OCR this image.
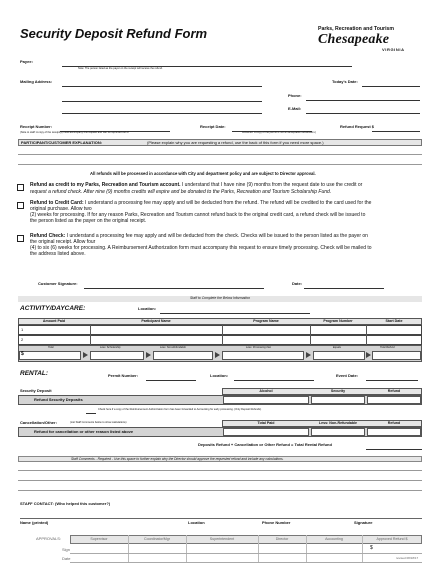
Security Deposit Refund Form	Parks, Recreation and Tourism
Chesapeake
VIRGINIA
Payee:
Note: The person listed as the payer on the receipt will receive the refund.
Mailing Address:	Today's Date:
Phone:
E-Mail:
Receipt Number:	Receipt Date:	Refund Request $
(Note to staff: A copy of the receipt(s) must accompany this request and can be reprinted out of	Activenet. A copy of the permit is not an acceptable substitution.)
PARTICIPANT/CUSTOMER EXPLANATION:	(Please explain why you are requesting a refund, use the back of this form if you need more space.)
All refunds will be processed in accordance with City and department policy and are subject to Director approval.
Refund as credit to my Parks, Recreation and Tourism account. I understand that I have nine (9) months from the request date to use the credit or
request a refund check. After nine (9) months credits will expire and be donated to the Parks, Recreation and Tourism Scholarship Fund.
Refund to Credit Card: I understand a processing fee may apply and will be deducted from the refund. The refund will be credited to the card used for the
original purchase. Allow two
(2) weeks for processing. If for any reason Parks, Recreation and Tourism cannot refund back to the original credit card, a refund check will be issued to
the person listed as the payer on the original receipt.
Refund Check: I understand a processing fee may apply and will be deducted from the check. Checks will be issued to the person listed as the payer on
the original receipt. Allow four
(4) to six (6) weeks for processing. A Reimbursement Authorization form must accompany this request to ensure timely processing. Check will be mailed to
the address listed above.
Customer Signature:	Date:
Staff to Complete the Below Information
ACTIVITY/DAYCARE:	Location:
Amount Paid	Participant Name	Program Name	Program Number	Start Date
1
2
Total	Less: Scholarship	Less: Non-Refundable	Less: Processing Fee	Equals	Total Refund
$
RENTAL:	Permit Number:	Location:	Event Date:
Security Deposit	Alcohol	Security	Refund
Refund Security Deposits
Check here if a copy of the Reimbursement Authorization form has been forwarded to Accounting for early processing. (Only Deposit Refunds)
Cancellation/Other:	(List Staff Comments below to show calculations)	Total Paid	Less: Non-Refundable	Refund
Refund for cancellation or other reason listed above
Deposits Refund + Cancellation or Other Refund = Total Rental Refund
Staff Comments - Required - Use this space to further explain why the Director should approve the requested refund and include any calculations.
STAFF CONTACT: (Who helped this customer?)
Name (printed)	Location	Phone Number	Signature
APPROVALS:	Supervisor	Coordinator/Mgr	Superintendent	Director	Accounting	Approved Refund $
Sign
Date
$
revised 08/18/17
